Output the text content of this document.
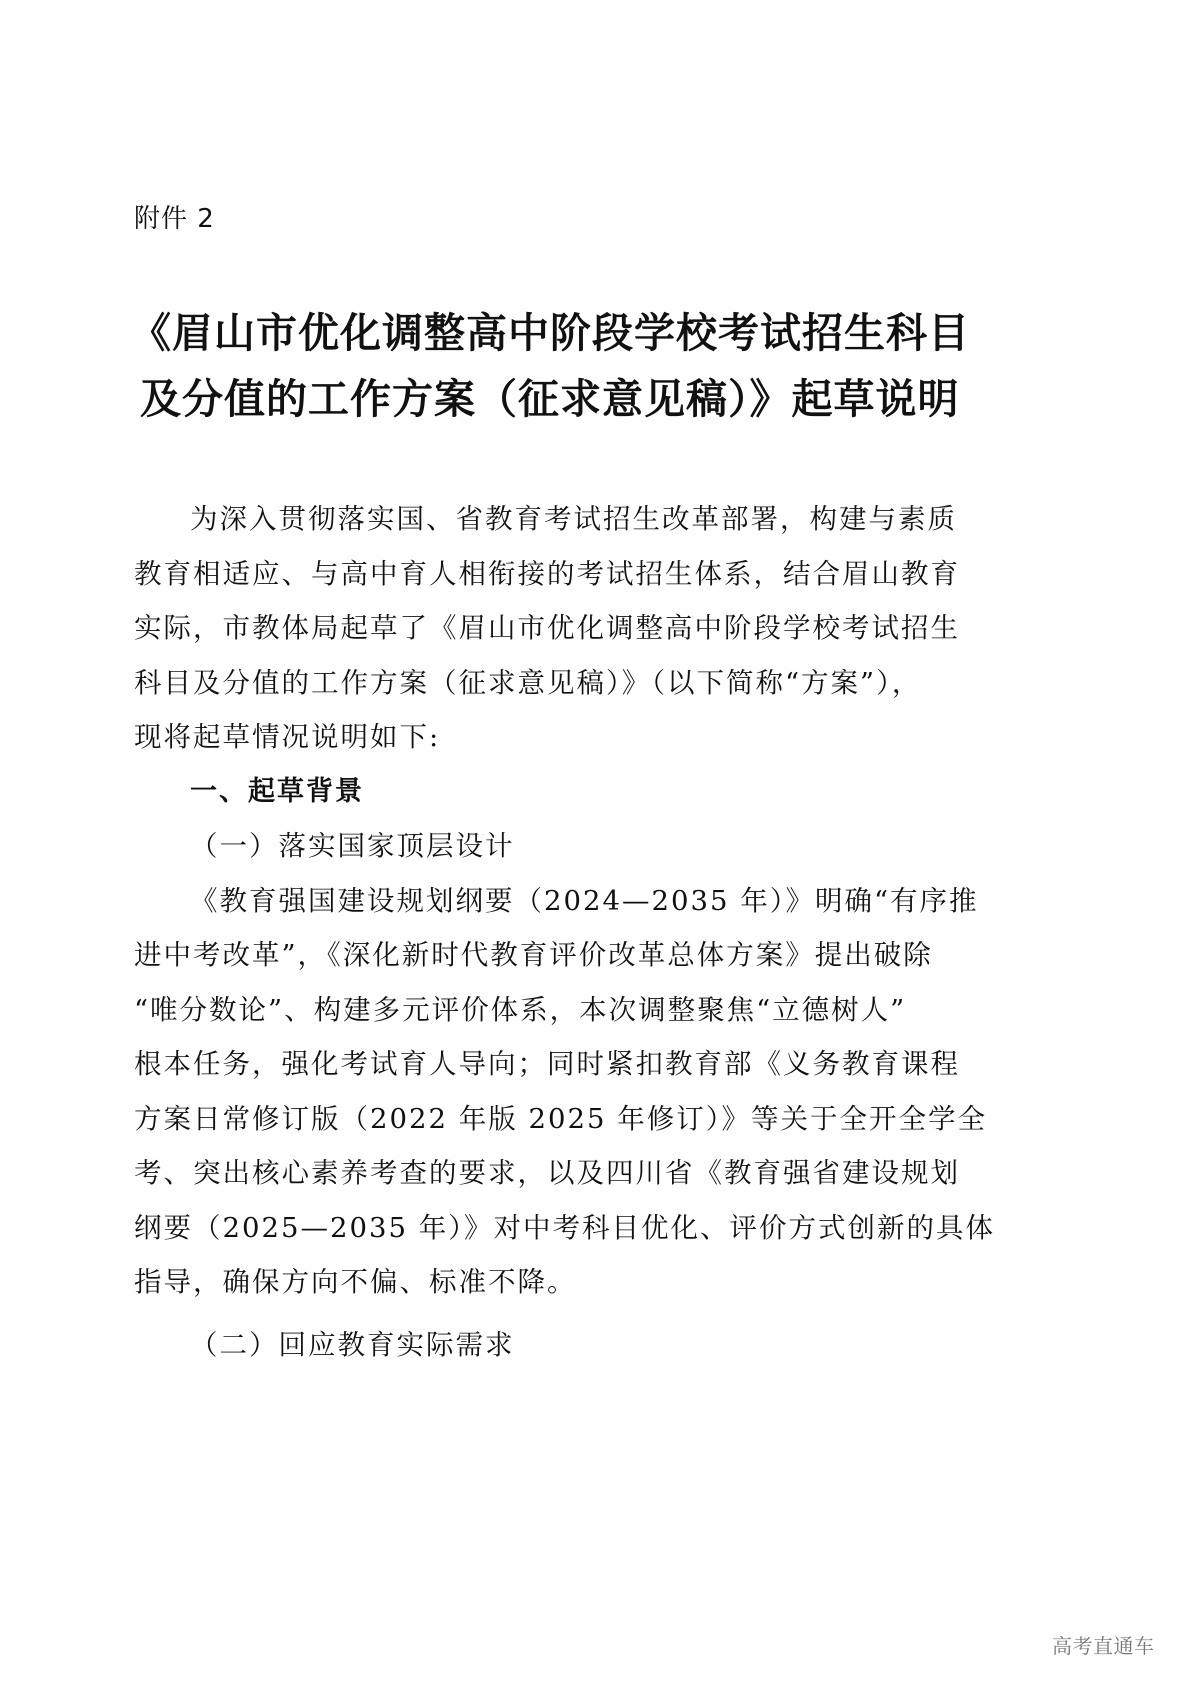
附件 2
《眉山市优化调整高中阶段学校考试招生科目
及分值的工作方案（征求意见稿）》起草说明
为深入贯彻落实国、省教育考试招生改革部署，构建与素质
教育相适应、与高中育人相衔接的考试招生体系，结合眉山教育
实际，市教体局起草了《眉山市优化调整高中阶段学校考试招生
科目及分值的工作方案（征求意见稿）》（以下简称“方案”），
现将起草情况说明如下:
一、起草背景
（一）落实国家顶层设计
《教育强国建设规划纲要（2024—2035 年）》明确“有序推
进中考改革”，《深化新时代教育评价改革总体方案》提出破除
“唯分数论”、构建多元评价体系，本次调整聚焦“立德树人”
根本任务，强化考试育人导向；同时紧扣教育部《义务教育课程
方案日常修订版（2022 年版 2025 年修订）》等关于全开全学全
考、突出核心素养考查的要求，以及四川省《教育强省建设规划
纲要（2025—2035 年）》对中考科目优化、评价方式创新的具体
指导，确保方向不偏、标准不降。
（二）回应教育实际需求
高考直通车
